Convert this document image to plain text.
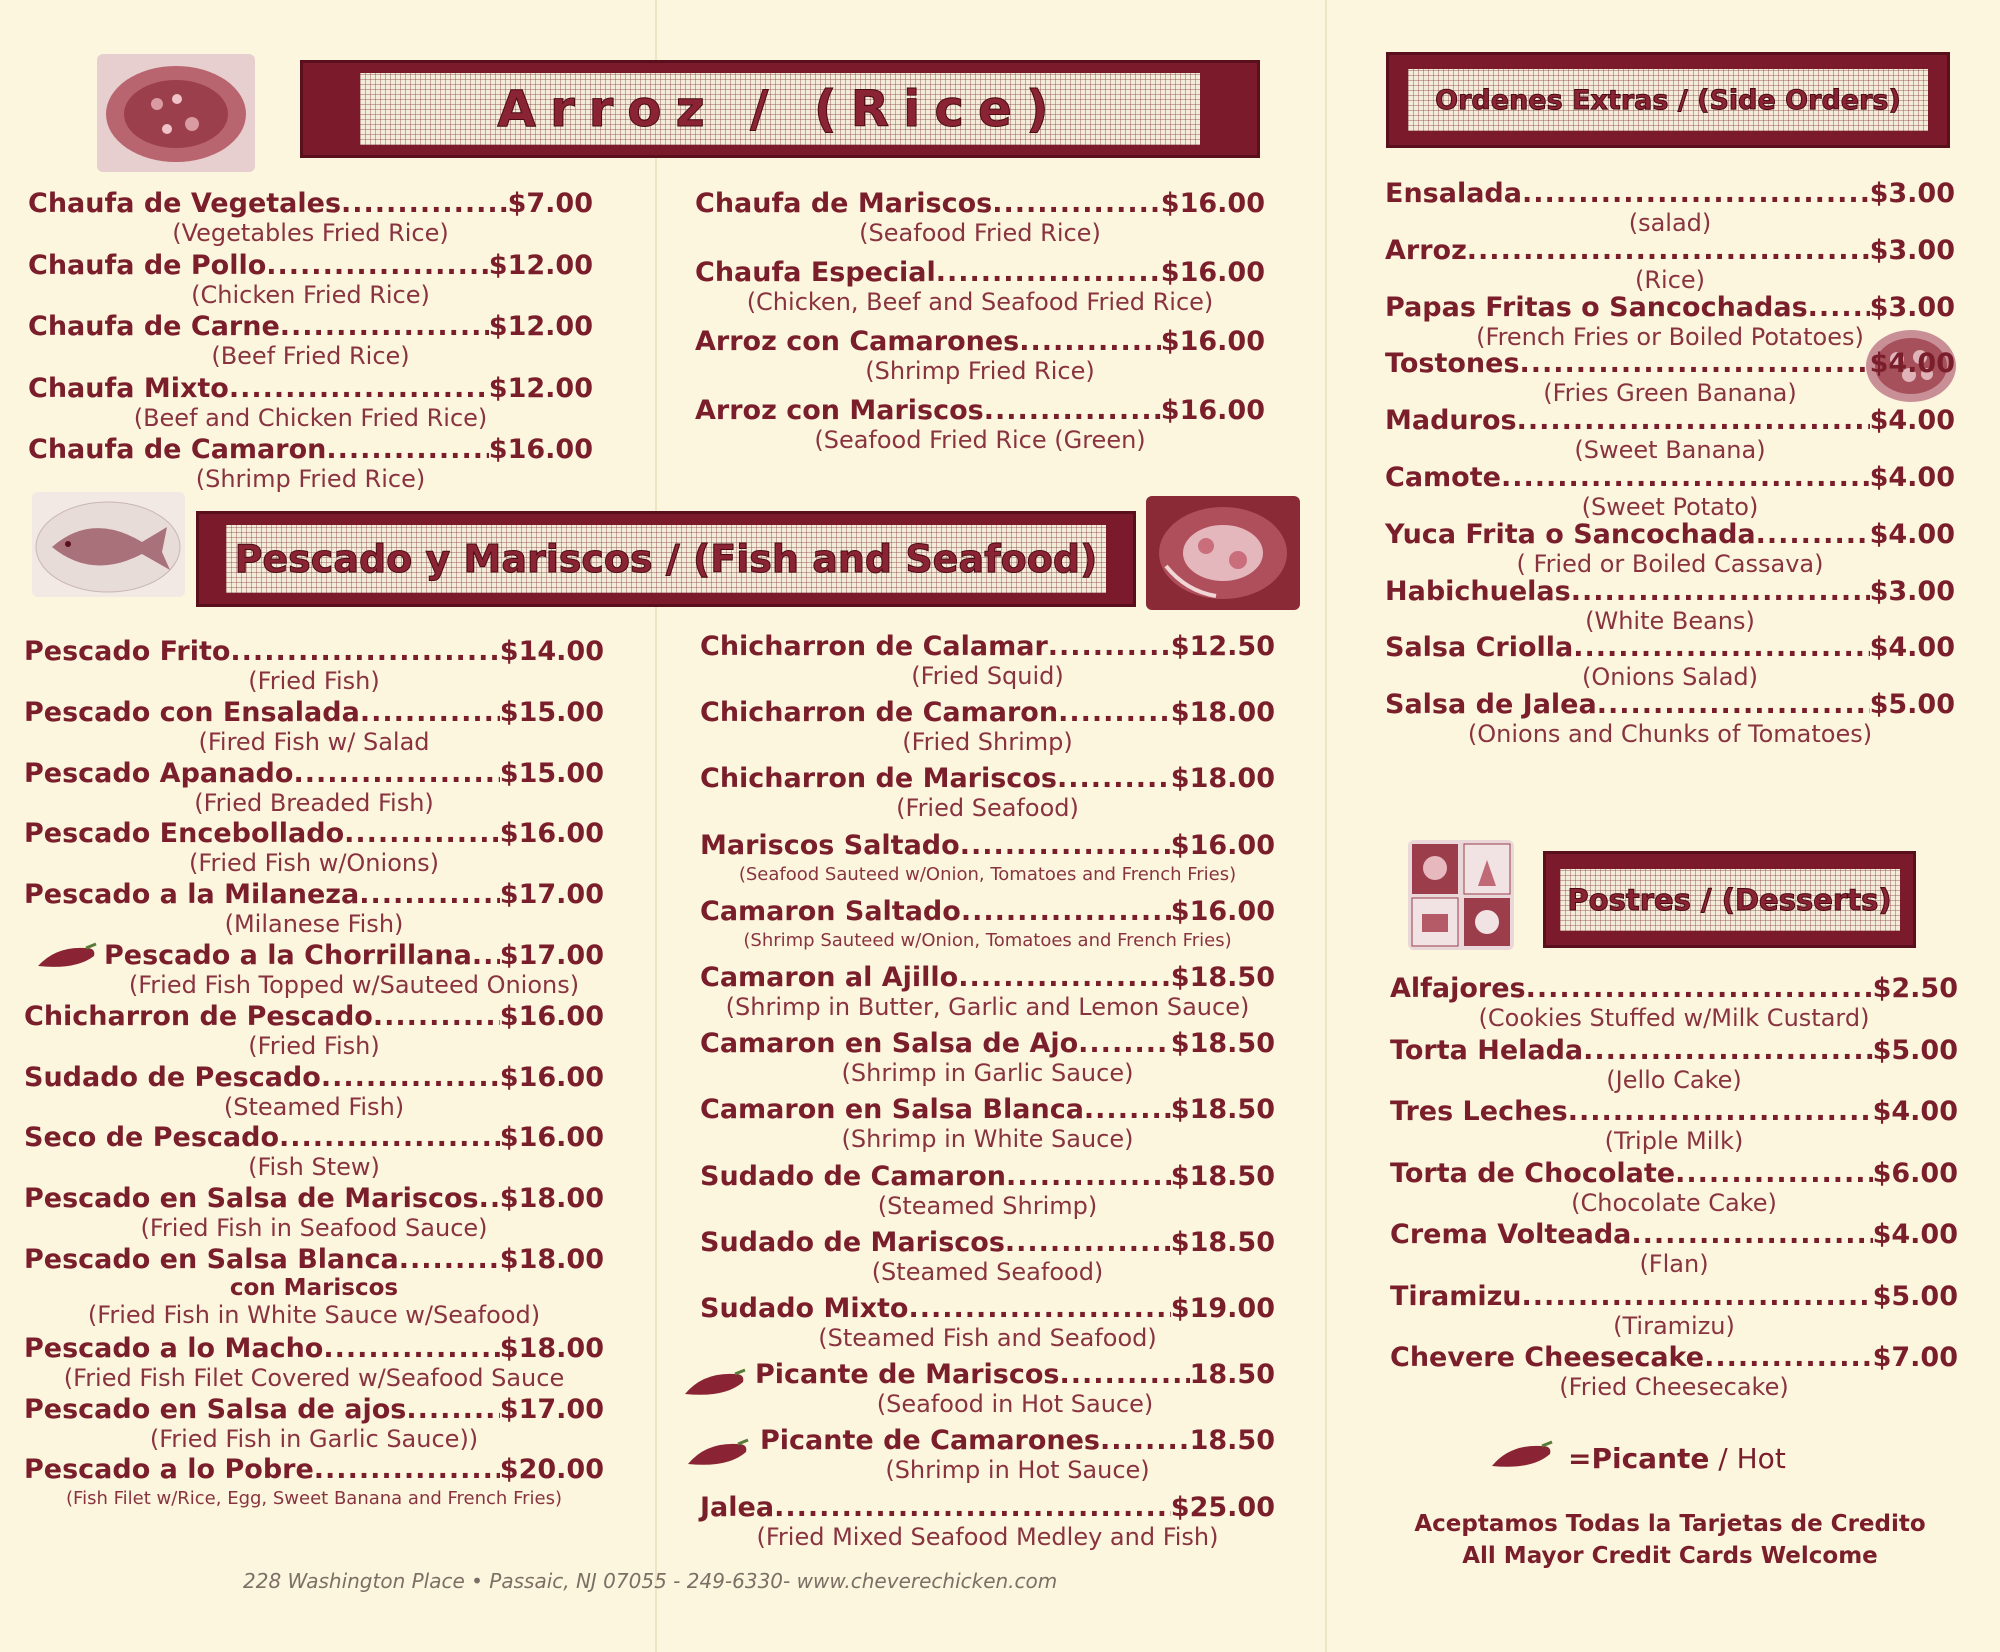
Arroz / (Rice)
Pescado y Mariscos / (Fish and Seafood)
Ordenes Extras / (Side Orders)
Postres / (Desserts)
Chaufa de Vegetales .....	$7.00
(Vegetables Fried Rice)
Chaufa de Pollo .....	$12.00
(Chicken Fried Rice)
Chaufa de Carne .....	$12.00
(Beef Fried Rice)
Chaufa Mixto .....	$12.00
(Beef and Chicken Fried Rice)
Chaufa de Camaron .....	$16.00
(Shrimp Fried Rice)
Chaufa de Mariscos .....	$16.00
(Seafood Fried Rice)
Chaufa Especial .....	$16.00
(Chicken, Beef and Seafood Fried Rice)
Arroz con Camarones .....	$16.00
(Shrimp Fried Rice)
Arroz con Mariscos .....	$16.00
(Seafood Fried Rice (Green)
Pescado Frito .....	$14.00
(Fried Fish)
Pescado con Ensalada .....	$15.00
(Fired Fish w/ Salad
Pescado Apanado .....	$15.00
(Fried Breaded Fish)
Pescado Encebollado .....	$16.00
(Fried Fish w/Onions)
Pescado a la Milaneza .....	$17.00
(Milanese Fish)
Pescado a la Chorrillana ..... $17.00
(Fried Fish Topped w/Sauteed Onions)
Chicharron de Pescado .....	$16.00
(Fried Fish)
Sudado de Pescado .....	$16.00
(Steamed Fish)
Seco de Pescado .....	$16.00
(Fish Stew)
Pescado en Salsa de Mariscos ..... $18.00
(Fried Fish in Seafood Sauce)
Pescado en Salsa Blanca .....	$18.00
con Mariscos
(Fried Fish in White Sauce w/Seafood)
Pescado a lo Macho .....	$18.00
(Fried Fish Filet Covered w/Seafood Sauce
Pescado en Salsa de ajos .....	$17.00
(Fried Fish in Garlic Sauce))
Pescado a lo Pobre .....	$20.00
(Fish Filet w/Rice, Egg, Sweet Banana and French Fries)
Chicharron de Calamar .....	$12.50
(Fried Squid)
Chicharron de Camaron .....	$18.00
(Fried Shrimp)
Chicharron de Mariscos .....	$18.00
(Fried Seafood)
Mariscos Saltado .....	$16.00
(Seafood Sauteed w/Onion, Tomatoes and French Fries)
Camaron Saltado .....	$16.00
(Shrimp Sauteed w/Onion, Tomatoes and French Fries)
Camaron al Ajillo .....	$18.50
(Shrimp in Butter, Garlic and Lemon Sauce)
Camaron en Salsa de Ajo .....	$18.50
(Shrimp in Garlic Sauce)
Camaron en Salsa Blanca .....	$18.50
(Shrimp in White Sauce)
Sudado de Camaron .....	$18.50
(Steamed Shrimp)
Sudado de Mariscos .....	$18.50
(Steamed Seafood)
Sudado Mixto .....	$19.00
(Steamed Fish and Seafood)
Picante de Mariscos .....	18.50
(Seafood in Hot Sauce)
Picante de Camarones .....	18.50
(Shrimp in Hot Sauce)
Jalea .....	$25.00
(Fried Mixed Seafood Medley and Fish)
Ensalada .....	$3.00
(salad)
Arroz .....	$3.00
(Rice)
Papas Fritas o Sancochadas ..... $3.00
(French Fries or Boiled Potatoes)
Tostones .....	$4.00
(Fries Green Banana)
Maduros .....	$4.00
(Sweet Banana)
Camote .....	$4.00
(Sweet Potato)
Yuca Frita o Sancochada .....	$4.00
( Fried or Boiled Cassava)
Habichuelas .....	$3.00
(White Beans)
Salsa Criolla .....	$4.00
(Onions Salad)
Salsa de Jalea .....	$5.00
(Onions and Chunks of Tomatoes)
Alfajores .....	$2.50
(Cookies Stuffed w/Milk Custard)
Torta Helada .....	$5.00
(Jello Cake)
Tres Leches .....	$4.00
(Triple Milk)
Torta de Chocolate .....	$6.00
(Chocolate Cake)
Crema Volteada .....	$4.00
(Flan)
Tiramizu .....	$5.00
(Tiramizu)
Chevere Cheesecake .....	$7.00
(Fried Cheesecake)
=Picante / Hot
Aceptamos Todas la Tarjetas de Credito
All Mayor Credit Cards Welcome
228 Washington Place • Passaic, NJ 07055 - 249-6330- www.cheverechicken.com
